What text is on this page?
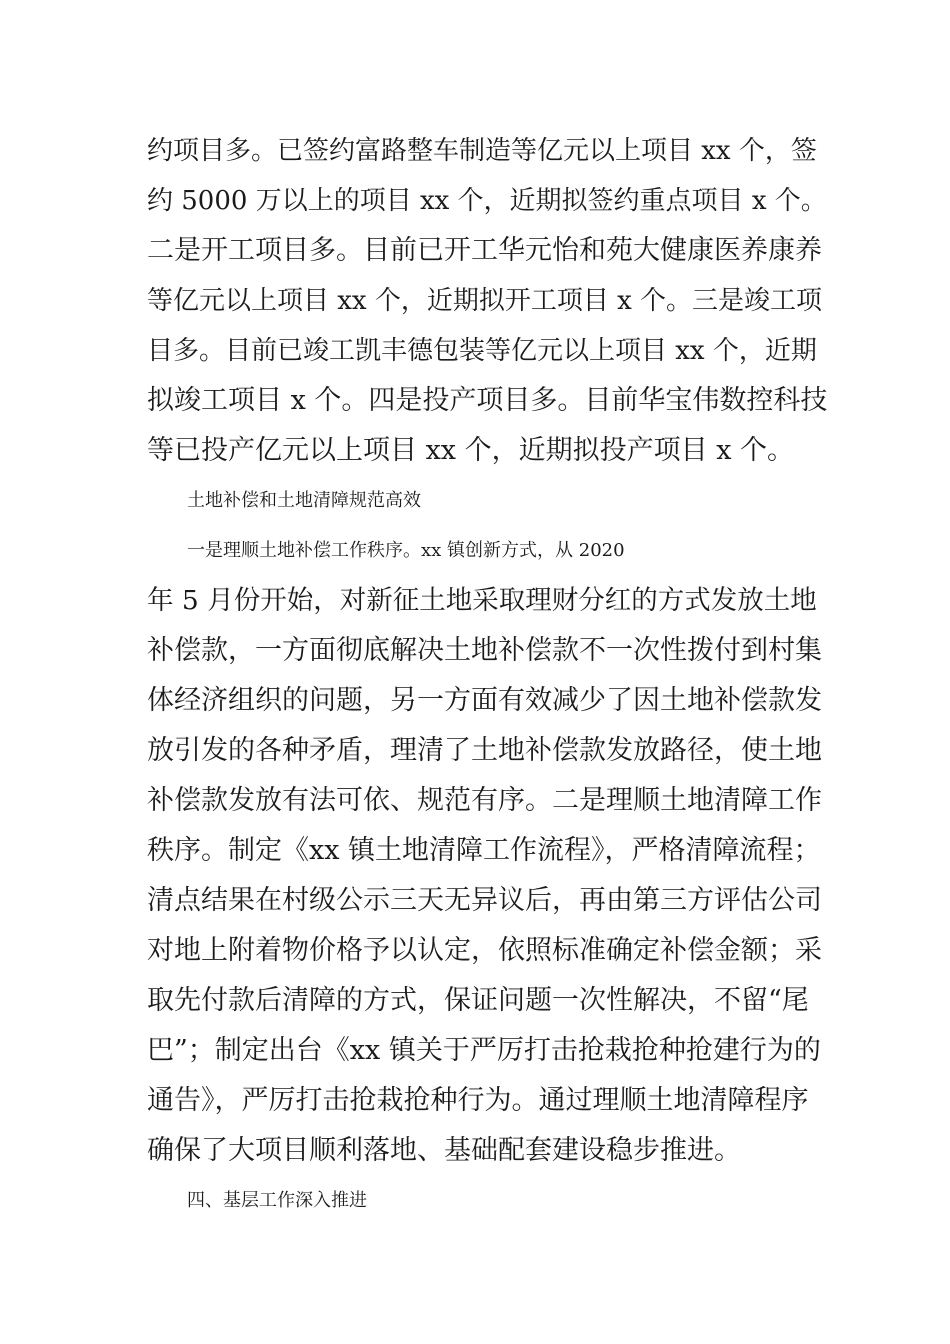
约项目多。已签约富路整车制造等亿元以上项目 xx 个，签
约 5000 万以上的项目 xx 个，近期拟签约重点项目 x 个。
二是开工项目多。目前已开工华元怡和苑大健康医养康养
等亿元以上项目 xx 个，近期拟开工项目 x 个。三是竣工项
目多。目前已竣工凯丰德包装等亿元以上项目 xx 个，近期
拟竣工项目 x 个。四是投产项目多。目前华宝伟数控科技
等已投产亿元以上项目 xx 个，近期拟投产项目 x 个。
土地补偿和土地清障规范高效
一是理顺土地补偿工作秩序。xx 镇创新方式，从 2020
年 5 月份开始，对新征土地采取理财分红的方式发放土地
补偿款，一方面彻底解决土地补偿款不一次性拨付到村集
体经济组织的问题，另一方面有效减少了因土地补偿款发
放引发的各种矛盾，理清了土地补偿款发放路径，使土地
补偿款发放有法可依、规范有序。二是理顺土地清障工作
秩序。制定《xx 镇土地清障工作流程》，严格清障流程；
清点结果在村级公示三天无异议后，再由第三方评估公司
对地上附着物价格予以认定，依照标准确定补偿金额；采
取先付款后清障的方式，保证问题一次性解决，不留“尾
巴”；制定出台《xx 镇关于严厉打击抢栽抢种抢建行为的
通告》，严厉打击抢栽抢种行为。通过理顺土地清障程序
确保了大项目顺利落地、基础配套建设稳步推进。
四、基层工作深入推进
